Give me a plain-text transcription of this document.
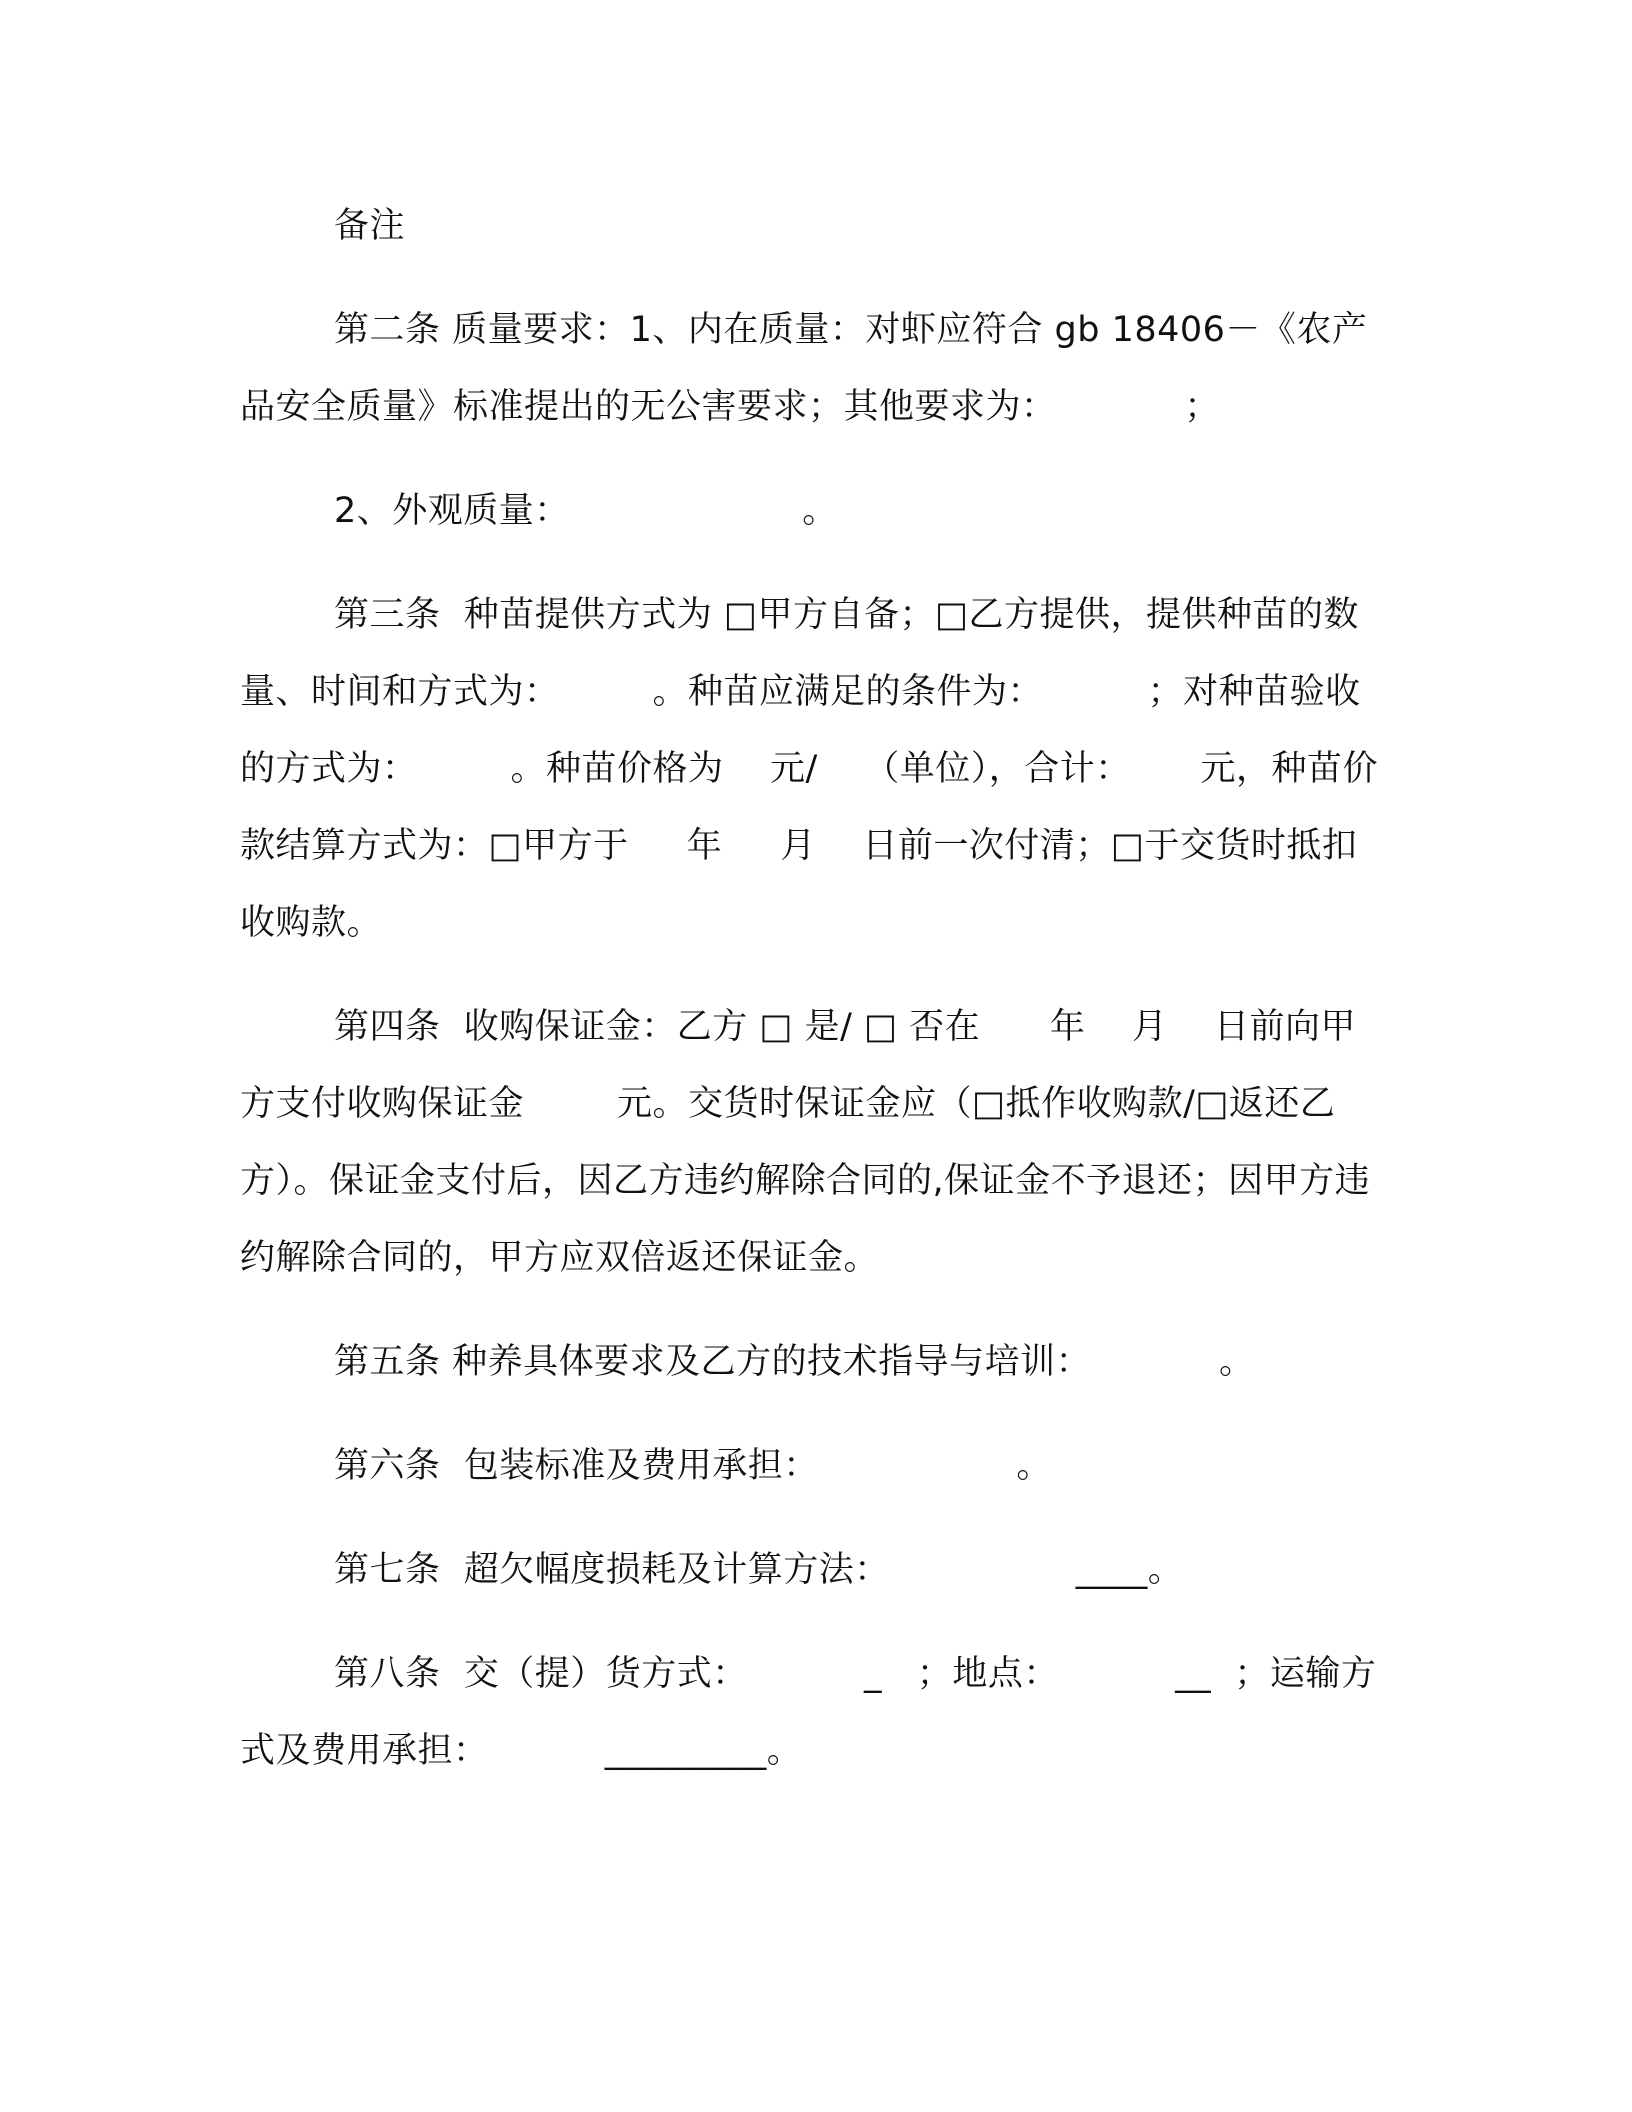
备注

第二条 质量要求：1、内在质量：对虾应符合 gb 18406－《农产品安全质量》标准提出的无公害要求；其他要求为：           ；

2、外观质量：                    。

第三条  种苗提供方式为 □甲方自备；□乙方提供，提供种苗的数量、时间和方式为：        。种苗应满足的条件为：         ；对种苗验收的方式为：        。种苗价格为    元/    （单位），合计：      元，种苗价款结算方式为：□甲方于     年     月    日前一次付清；□于交货时抵扣收购款。

第四条  收购保证金：乙方 □ 是/ □ 否在      年    月    日前向甲方支付收购保证金        元。交货时保证金应（□抵作收购款/□返还乙方）。保证金支付后，因乙方违约解除合同的,保证金不予退还；因甲方违约解除合同的，甲方应双倍返还保证金。

第五条 种养具体要求及乙方的技术指导与培训：           。

第六条  包装标准及费用承担：                 。

第七条  超欠幅度损耗及计算方法：                ____。

第八条  交（提）货方式：          _   ；地点：          __  ；运输方式及费用承担：          _________。
